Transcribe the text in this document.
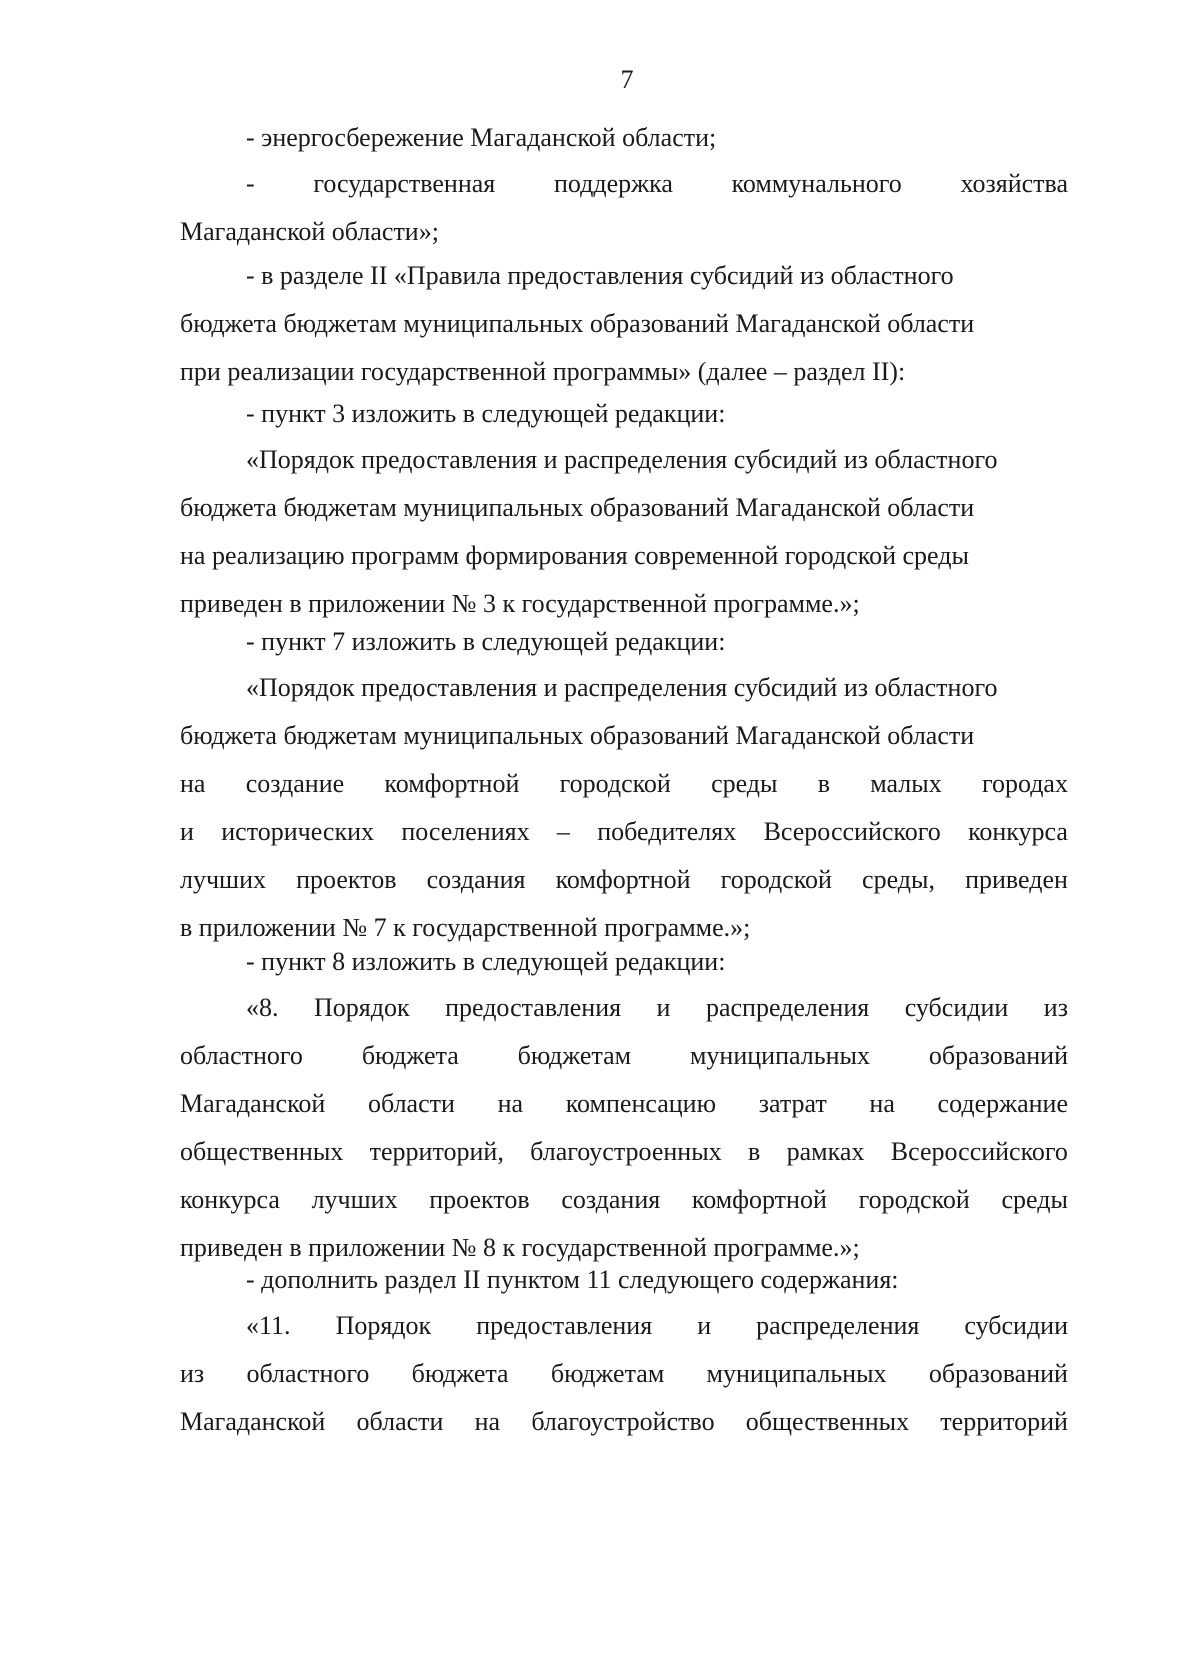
7
- энергосбережение Магаданской области;
- государственная поддержка коммунального хозяйства
Магаданской области»;
- в разделе II «Правила предоставления субсидий из областного
бюджета бюджетам муниципальных образований Магаданской области
при реализации государственной программы» (далее – раздел II):
- пункт 3 изложить в следующей редакции:
«Порядок предоставления и распределения субсидий из областного
бюджета бюджетам муниципальных образований Магаданской области
на реализацию программ формирования современной городской среды
приведен в приложении № 3 к государственной программе.»;
- пункт 7 изложить в следующей редакции:
«Порядок предоставления и распределения субсидий из областного
бюджета бюджетам муниципальных образований Магаданской области
на создание комфортной городской среды в малых городах
и исторических поселениях – победителях Всероссийского конкурса
лучших проектов создания комфортной городской среды, приведен
в приложении № 7 к государственной программе.»;
- пункт 8 изложить в следующей редакции:
«8. Порядок предоставления и распределения субсидии из
областного бюджета бюджетам муниципальных образований
Магаданской области на компенсацию затрат на содержание
общественных территорий, благоустроенных в рамках Всероссийского
конкурса лучших проектов создания комфортной городской среды
приведен в приложении № 8 к государственной программе.»;
- дополнить раздел II пунктом 11 следующего содержания:
«11. Порядок предоставления и распределения субсидии
из областного бюджета бюджетам муниципальных образований
Магаданской области на благоустройство общественных территорий
